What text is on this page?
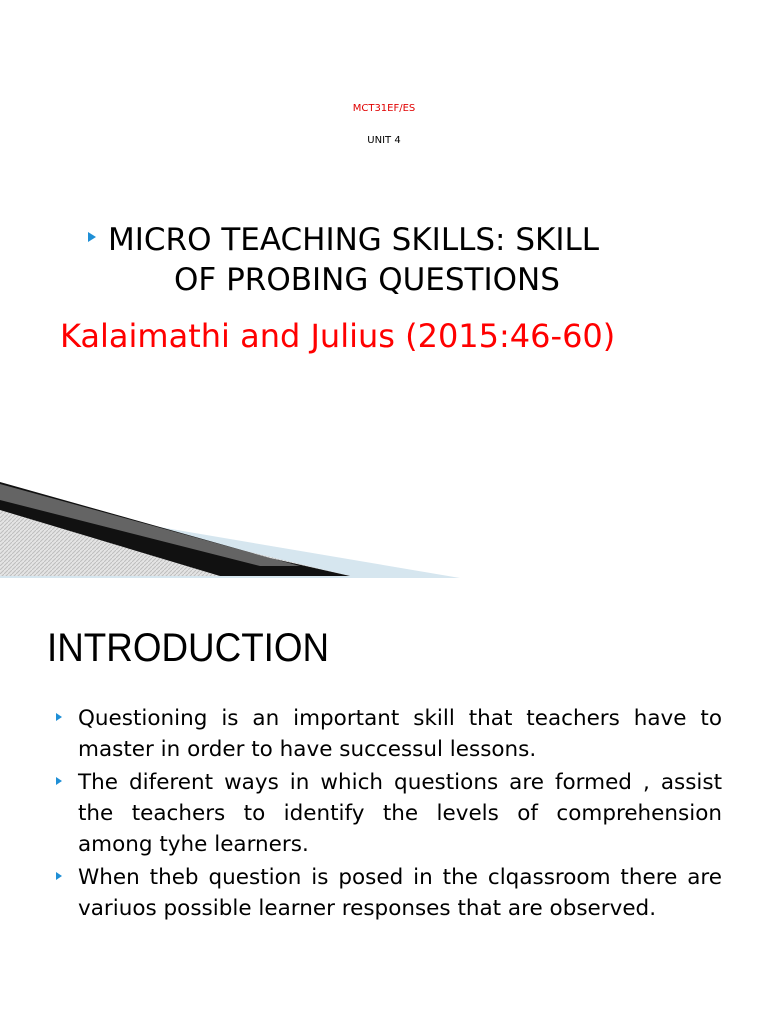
MCT31EF/ES
UNIT 4
MICRO TEACHING SKILLS: SKILL
OF PROBING QUESTIONS
Kalaimathi and Julius (2015:46-60)
INTRODUCTION
Questioning is an important skill that teachers have to master in order to have successul lessons.
The diferent ways in which questions are formed , assist the teachers to identify the levels of comprehension among tyhe learners.
When theb question is posed in the clqassroom there are variuos possible learner responses that are observed.
